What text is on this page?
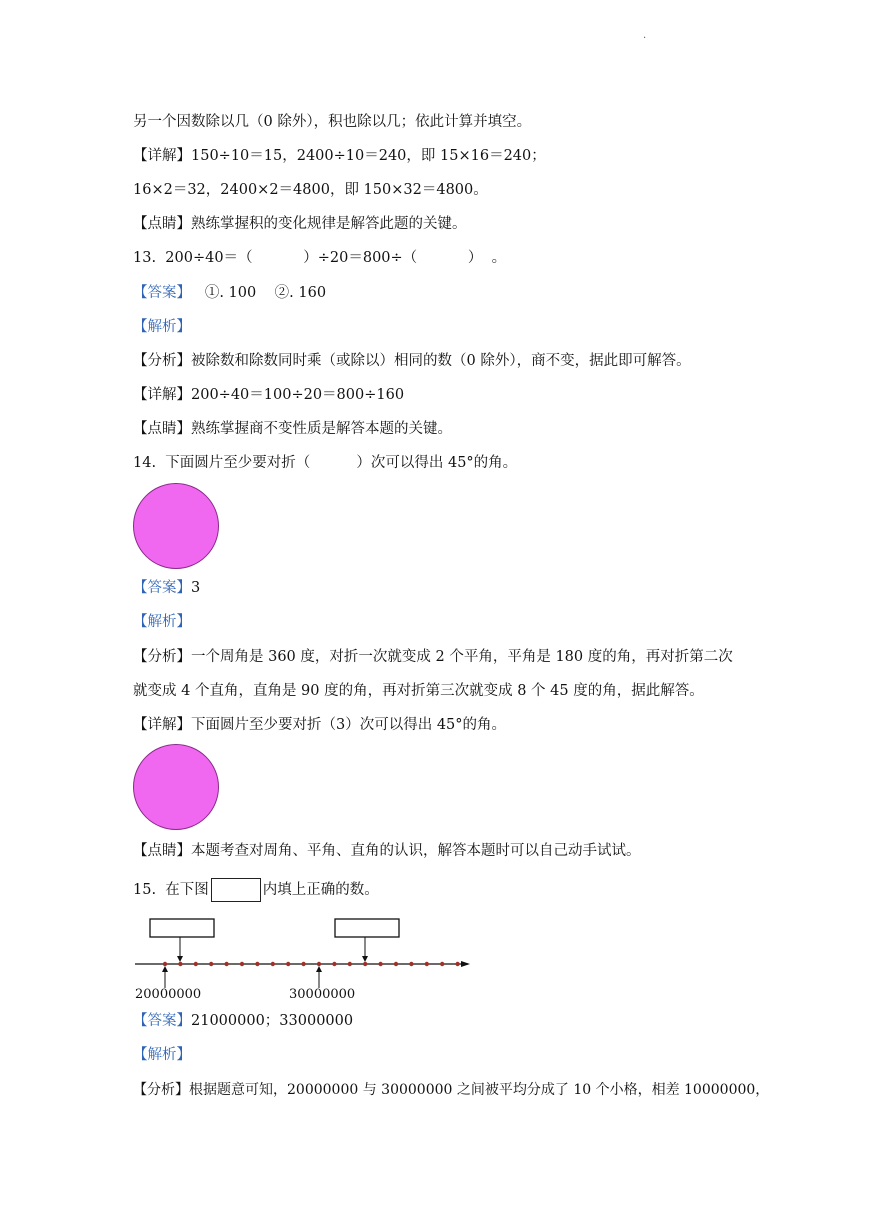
.
另一个因数除以几（0 除外），积也除以几；依此计算并填空。
【详解】150÷10＝15，2400÷10＝240，即 15×16＝240；
16×2＝32，2400×2＝4800，即 150×32＝4800。
【点睛】熟练掌握积的变化规律是解答此题的关键。
13.  200÷40＝（           ）÷20＝800÷（           ）  。
【答案】   ①. 100    ②. 160
【解析】
【分析】被除数和除数同时乘（或除以）相同的数（0 除外），商不变，据此即可解答。
【详解】200÷40＝100÷20＝800÷160
【点睛】熟练掌握商不变性质是解答本题的关键。
14.  下面圆片至少要对折（          ）次可以得出 45°的角。
【答案】3
【解析】
【分析】一个周角是 360 度，对折一次就变成 2 个平角，平角是 180 度的角，再对折第二次
就变成 4 个直角，直角是 90 度的角，再对折第三次就变成 8 个 45 度的角，据此解答。
【详解】下面圆片至少要对折（3）次可以得出 45°的角。
【点睛】本题考查对周角、平角、直角的认识，解答本题时可以自己动手试试。
15.  在下图	内填上正确的数。
20000000	30000000
【答案】21000000；33000000
【解析】
【分析】根据题意可知，20000000 与 30000000 之间被平均分成了 10 个小格，相差 10000000，
